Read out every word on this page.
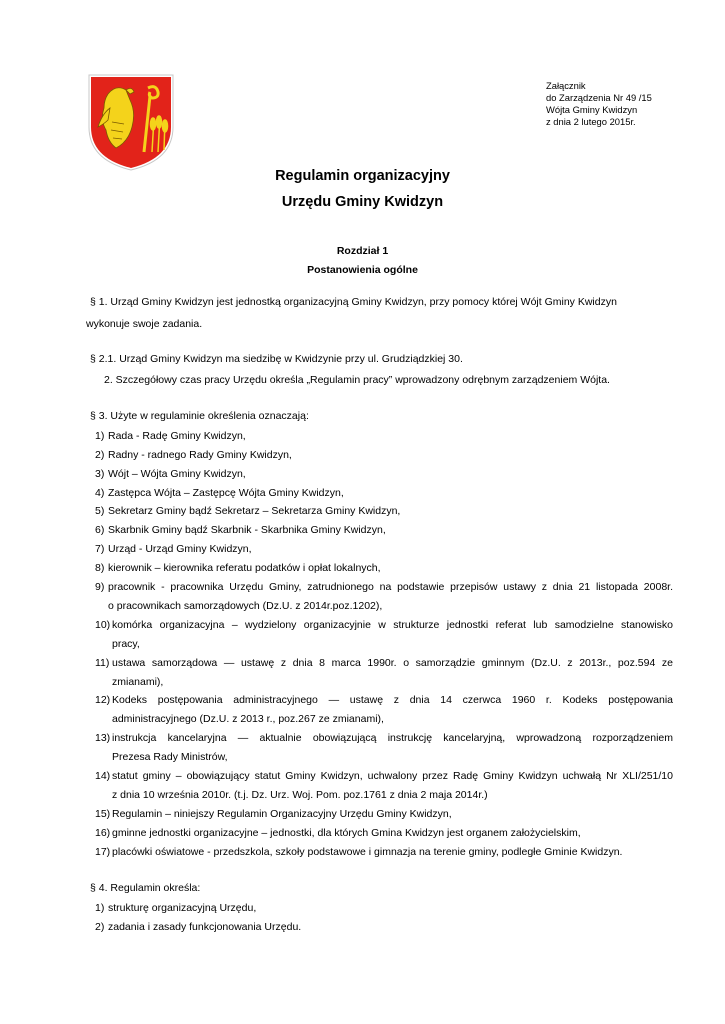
Załącznik
do Zarządzenia Nr 49 /15
Wójta Gminy Kwidzyn
z dnia 2 lutego 2015r.
Regulamin organizacyjny
Urzędu Gminy Kwidzyn
Rozdział 1
Postanowienia ogólne
§ 1. Urząd Gminy Kwidzyn jest jednostką organizacyjną Gminy Kwidzyn, przy pomocy której Wójt Gminy Kwidzyn
wykonuje swoje zadania.
§ 2.1. Urząd Gminy Kwidzyn ma siedzibę w Kwidzynie przy ul. Grudziądzkiej 30.
2. Szczegółowy czas pracy Urzędu określa „Regulamin pracy” wprowadzony odrębnym zarządzeniem Wójta.
§ 3. Użyte w regulaminie określenia oznaczają:
1) Rada - Radę Gminy Kwidzyn,
2) Radny - radnego Rady Gminy Kwidzyn,
3) Wójt – Wójta Gminy Kwidzyn,
4) Zastępca Wójta – Zastępcę Wójta Gminy Kwidzyn,
5) Sekretarz Gminy bądź Sekretarz – Sekretarza Gminy Kwidzyn,
6) Skarbnik Gminy bądź Skarbnik - Skarbnika Gminy Kwidzyn,
7) Urząd - Urząd Gminy Kwidzyn,
8) kierownik – kierownika referatu podatków i opłat lokalnych,
9) pracownik - pracownika Urzędu Gminy, zatrudnionego na podstawie przepisów ustawy z dnia 21 listopada 2008r.
o pracownikach samorządowych (Dz.U. z 2014r.poz.1202),
10) komórka organizacyjna – wydzielony organizacyjnie w strukturze jednostki referat lub samodzielne stanowisko
pracy,
11) ustawa samorządowa — ustawę z dnia 8 marca 1990r. o samorządzie gminnym (Dz.U. z 2013r., poz.594 ze
zmianami),
12) Kodeks postępowania administracyjnego — ustawę z dnia 14 czerwca 1960 r. Kodeks postępowania
administracyjnego (Dz.U. z 2013 r., poz.267 ze zmianami),
13) instrukcja kancelaryjna — aktualnie obowiązującą instrukcję kancelaryjną, wprowadzoną rozporządzeniem
Prezesa Rady Ministrów,
14) statut gminy – obowiązujący statut Gminy Kwidzyn, uchwalony przez Radę Gminy Kwidzyn uchwałą Nr XLI/251/10
z dnia 10 września 2010r. (t.j. Dz. Urz. Woj. Pom. poz.1761 z dnia 2 maja 2014r.)
15) Regulamin – niniejszy Regulamin Organizacyjny Urzędu Gminy Kwidzyn,
16) gminne jednostki organizacyjne – jednostki, dla których Gmina Kwidzyn jest organem założycielskim,
17) placówki oświatowe - przedszkola, szkoły podstawowe i gimnazja na terenie gminy, podległe Gminie Kwidzyn.
§ 4. Regulamin określa:
1) strukturę organizacyjną Urzędu,
2) zadania i zasady funkcjonowania Urzędu.
